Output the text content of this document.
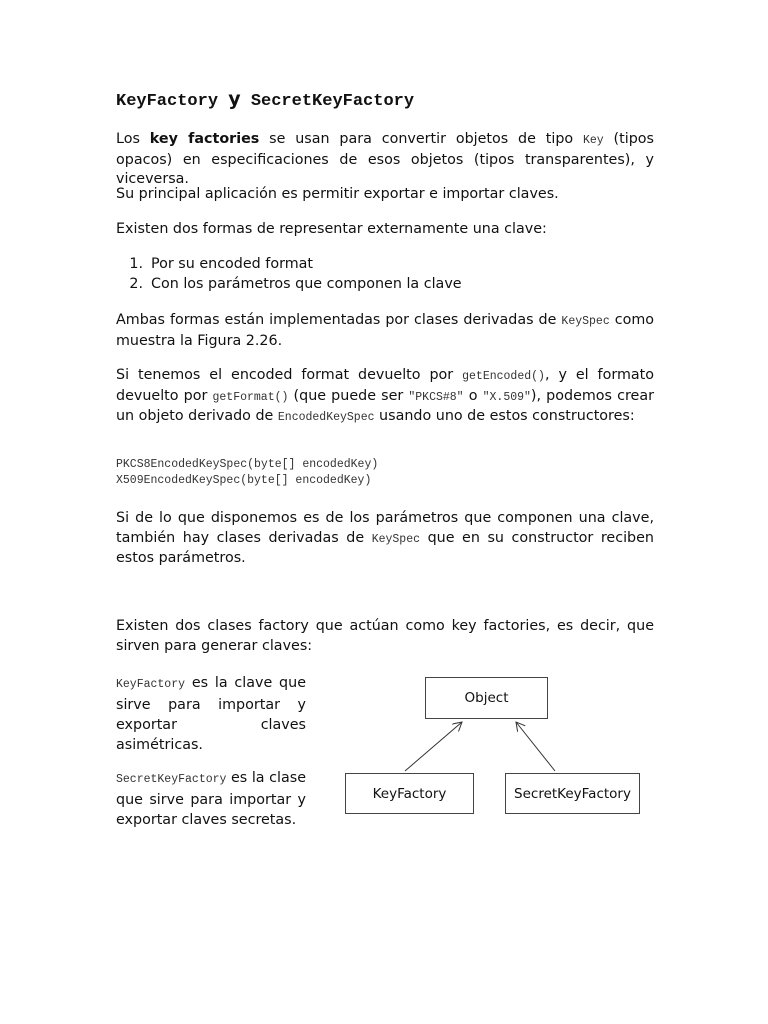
KeyFactory y SecretKeyFactory

Los key factories se usan para convertir objetos de tipo Key (tipos opacos) en especificaciones de esos objetos (tipos transparentes), y viceversa.

Su principal aplicación es permitir exportar e importar claves.

Existen dos formas de representar externamente una clave:

1. Por su encoded format
2. Con los parámetros que componen la clave

Ambas formas están implementadas por clases derivadas de KeySpec como muestra la Figura 2.26.

Si tenemos el encoded format devuelto por getEncoded(), y el formato devuelto por getFormat() (que puede ser "PKCS#8" o "X.509"), podemos crear un objeto derivado de EncodedKeySpec usando uno de estos constructores:

PKCS8EncodedKeySpec(byte[] encodedKey)
X509EncodedKeySpec(byte[] encodedKey)

Si de lo que disponemos es de los parámetros que componen una clave, también hay clases derivadas de KeySpec que en su constructor reciben estos parámetros.

Existen dos clases factory que actúan como key factories, es decir, que sirven para generar claves:

KeyFactory es la clave que sirve para importar y exportar claves asimétricas.

SecretKeyFactory es la clase que sirve para importar y exportar claves secretas.

Object
KeyFactory	SecretKeyFactory
